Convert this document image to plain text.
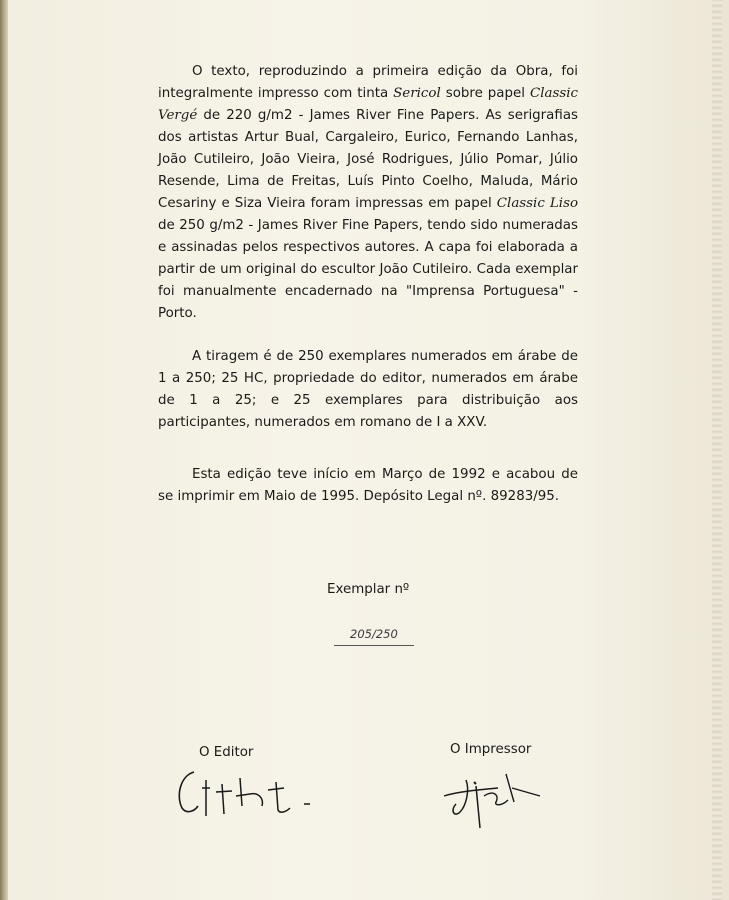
O texto, reproduzindo a primeira edição da Obra, foi integralmente impresso com tinta Sericol sobre papel Classic Vergé de 220 g/m2 - James River Fine Papers. As serigrafias dos artistas Artur Bual, Cargaleiro, Eurico, Fernando Lanhas, João Cutileiro, João Vieira, José Rodrigues, Júlio Pomar, Júlio Resende, Lima de Freitas, Luís Pinto Coelho, Maluda, Mário Cesariny e Siza Vieira foram impressas em papel Classic Liso de 250 g/m2 - James River Fine Papers, tendo sido numeradas e assinadas pelos respectivos autores. A capa foi elaborada a partir de um original do escultor João Cutileiro. Cada exemplar foi manualmente encadernado na "Imprensa Portuguesa" - Porto.
A tiragem é de 250 exemplares numerados em árabe de 1 a 250; 25 HC, propriedade do editor, numerados em árabe de 1 a 25; e 25 exemplares para distribuição aos participantes, numerados em romano de I a XXV.
Esta edição teve início em Março de 1992 e acabou de se imprimir em Maio de 1995. Depósito Legal nº. 89283/95.
Exemplar nº
205/250
O Editor	O Impressor
